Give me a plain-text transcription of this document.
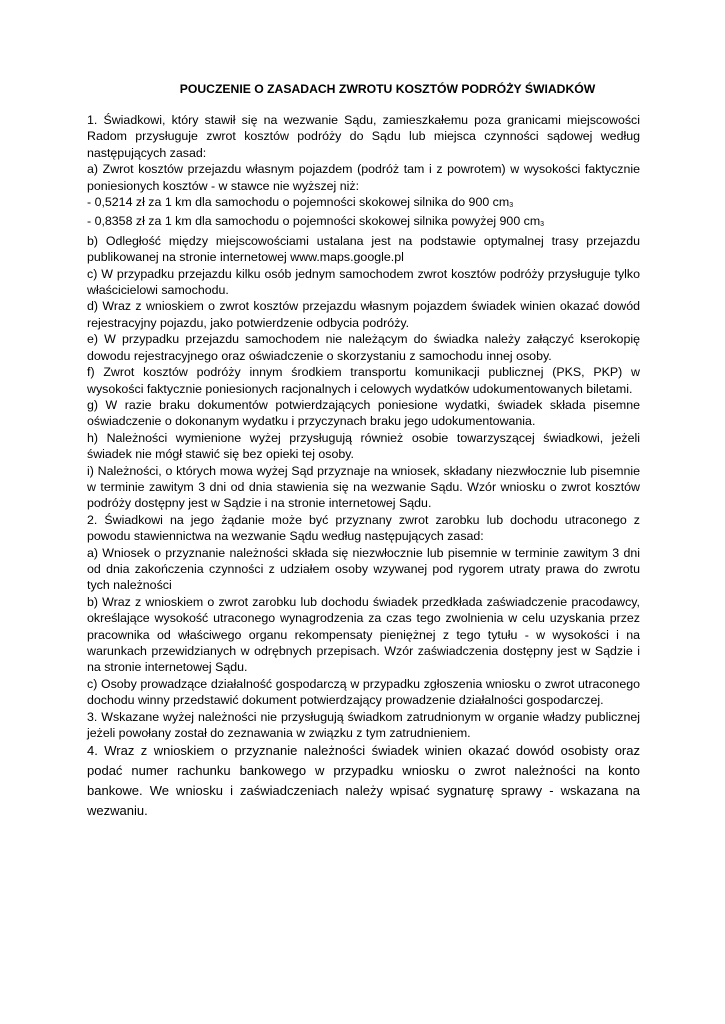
POUCZENIE O ZASADACH ZWROTU KOSZTÓW PODRÓŻY ŚWIADKÓW

1. Świadkowi, który stawił się na wezwanie Sądu, zamieszkałemu poza granicami miejscowości Radom przysługuje zwrot kosztów podróży do Sądu lub miejsca czynności sądowej według następujących zasad:

a) Zwrot kosztów przejazdu własnym pojazdem (podróż tam i z powrotem) w wysokości faktycznie poniesionych kosztów - w stawce nie wyższej niż:

- 0,5214 zł za 1 km dla samochodu o pojemności skokowej silnika do 900 $cm_3$

- 0,8358 zł za 1 km dla samochodu o pojemności skokowej silnika powyżej 900 $cm_3$

b) Odległość między miejscowościami ustalana jest na podstawie optymalnej trasy przejazdu publikowanej na stronie internetowej www.maps.google.pl

c) W przypadku przejazdu kilku osób jednym samochodem zwrot kosztów podróży przysługuje tylko właścicielowi samochodu.

d) Wraz z wnioskiem o zwrot kosztów przejazdu własnym pojazdem świadek winien okazać dowód rejestracyjny pojazdu, jako potwierdzenie odbycia podróży.

e) W przypadku przejazdu samochodem nie należącym do świadka należy załączyć kserokopię dowodu rejestracyjnego oraz oświadczenie o skorzystaniu z samochodu innej osoby.

f) Zwrot kosztów podróży innym środkiem transportu komunikacji publicznej (PKS, PKP) w wysokości faktycznie poniesionych racjonalnych i celowych wydatków udokumentowanych biletami.

g) W razie braku dokumentów potwierdzających poniesione wydatki, świadek składa pisemne oświadczenie o dokonanym wydatku i przyczynach braku jego udokumentowania.

h) Należności wymienione wyżej przysługują również osobie towarzyszącej świadkowi, jeżeli świadek nie mógł stawić się bez opieki tej osoby.

i) Należności, o których mowa wyżej Sąd przyznaje na wniosek, składany niezwłocznie lub pisemnie w terminie zawitym 3 dni od dnia stawienia się na wezwanie Sądu. Wzór wniosku o zwrot kosztów podróży dostępny jest w Sądzie i na stronie internetowej Sądu.

2. Świadkowi na jego żądanie może być przyznany zwrot zarobku lub dochodu utraconego z powodu stawiennictwa na wezwanie Sądu według następujących zasad:

a) Wniosek o przyznanie należności składa się niezwłocznie lub pisemnie w terminie zawitym 3 dni od dnia zakończenia czynności z udziałem osoby wzywanej pod rygorem utraty prawa do zwrotu tych należności

b) Wraz z wnioskiem o zwrot zarobku lub dochodu świadek przedkłada zaświadczenie pracodawcy, określające wysokość utraconego wynagrodzenia za czas tego zwolnienia w celu uzyskania przez pracownika od właściwego organu rekompensaty pieniężnej z tego tytułu - w wysokości i na warunkach przewidzianych w odrębnych przepisach. Wzór zaświadczenia dostępny jest w Sądzie i na stronie internetowej Sądu.

c) Osoby prowadzące działalność gospodarczą w przypadku zgłoszenia wniosku o zwrot utraconego dochodu winny przedstawić dokument potwierdzający prowadzenie działalności gospodarczej.

3. Wskazane wyżej należności nie przysługują świadkom zatrudnionym w organie władzy publicznej jeżeli powołany został do zeznawania w związku z tym zatrudnieniem.

4. Wraz z wnioskiem o przyznanie należności świadek winien okazać dowód osobisty oraz podać numer rachunku bankowego w przypadku wniosku o zwrot należności na konto bankowe. We wniosku i zaświadczeniach należy wpisać sygnaturę sprawy - wskazana na wezwaniu.
